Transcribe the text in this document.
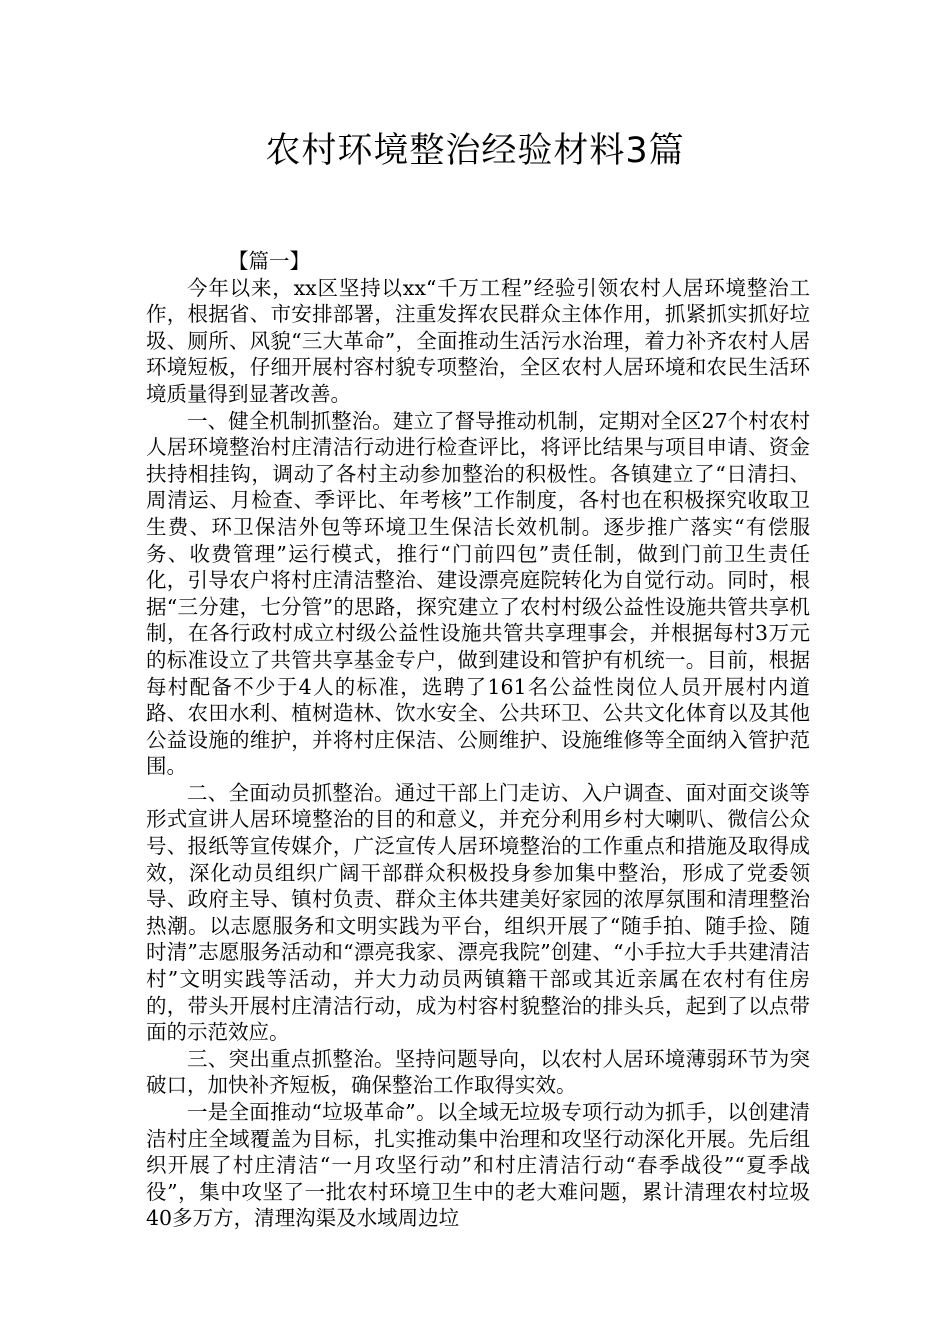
农村环境整治经验材料3篇

【篇一】

今年以来，xx区坚持以xx“千万工程”经验引领农村人居环境整治工作，根据省、市安排部署，注重发挥农民群众主体作用，抓紧抓实抓好垃圾、厕所、风貌“三大革命”，全面推动生活污水治理，着力补齐农村人居环境短板，仔细开展村容村貌专项整治，全区农村人居环境和农民生活环境质量得到显著改善。

一、健全机制抓整治。建立了督导推动机制，定期对全区27个村农村人居环境整治村庄清洁行动进行检查评比，将评比结果与项目申请、资金扶持相挂钩，调动了各村主动参加整治的积极性。各镇建立了“日清扫、周清运、月检查、季评比、年考核”工作制度，各村也在积极探究收取卫生费、环卫保洁外包等环境卫生保洁长效机制。逐步推广落实“有偿服务、收费管理”运行模式，推行“门前四包”责任制，做到门前卫生责任化，引导农户将村庄清洁整治、建设漂亮庭院转化为自觉行动。同时，根据“三分建，七分管”的思路，探究建立了农村村级公益性设施共管共享机制，在各行政村成立村级公益性设施共管共享理事会，并根据每村3万元的标准设立了共管共享基金专户，做到建设和管护有机统一。目前，根据每村配备不少于4人的标准，选聘了161名公益性岗位人员开展村内道路、农田水利、植树造林、饮水安全、公共环卫、公共文化体育以及其他公益设施的维护，并将村庄保洁、公厕维护、设施维修等全面纳入管护范围。

二、全面动员抓整治。通过干部上门走访、入户调查、面对面交谈等形式宣讲人居环境整治的目的和意义，并充分利用乡村大喇叭、微信公众号、报纸等宣传媒介，广泛宣传人居环境整治的工作重点和措施及取得成效，深化动员组织广阔干部群众积极投身参加集中整治，形成了党委领导、政府主导、镇村负责、群众主体共建美好家园的浓厚氛围和清理整治热潮。以志愿服务和文明实践为平台，组织开展了“随手拍、随手捡、随时清”志愿服务活动和“漂亮我家、漂亮我院”创建、“小手拉大手共建清洁村”文明实践等活动，并大力动员两镇籍干部或其近亲属在农村有住房的，带头开展村庄清洁行动，成为村容村貌整治的排头兵，起到了以点带面的示范效应。

三、突出重点抓整治。坚持问题导向，以农村人居环境薄弱环节为突破口，加快补齐短板，确保整治工作取得实效。

一是全面推动“垃圾革命”。以全域无垃圾专项行动为抓手，以创建清洁村庄全域覆盖为目标，扎实推动集中治理和攻坚行动深化开展。先后组织开展了村庄清洁“一月攻坚行动”和村庄清洁行动“春季战役”“夏季战役”，集中攻坚了一批农村环境卫生中的老大难问题，累计清理农村垃圾40多万方，清理沟渠及水域周边垃
